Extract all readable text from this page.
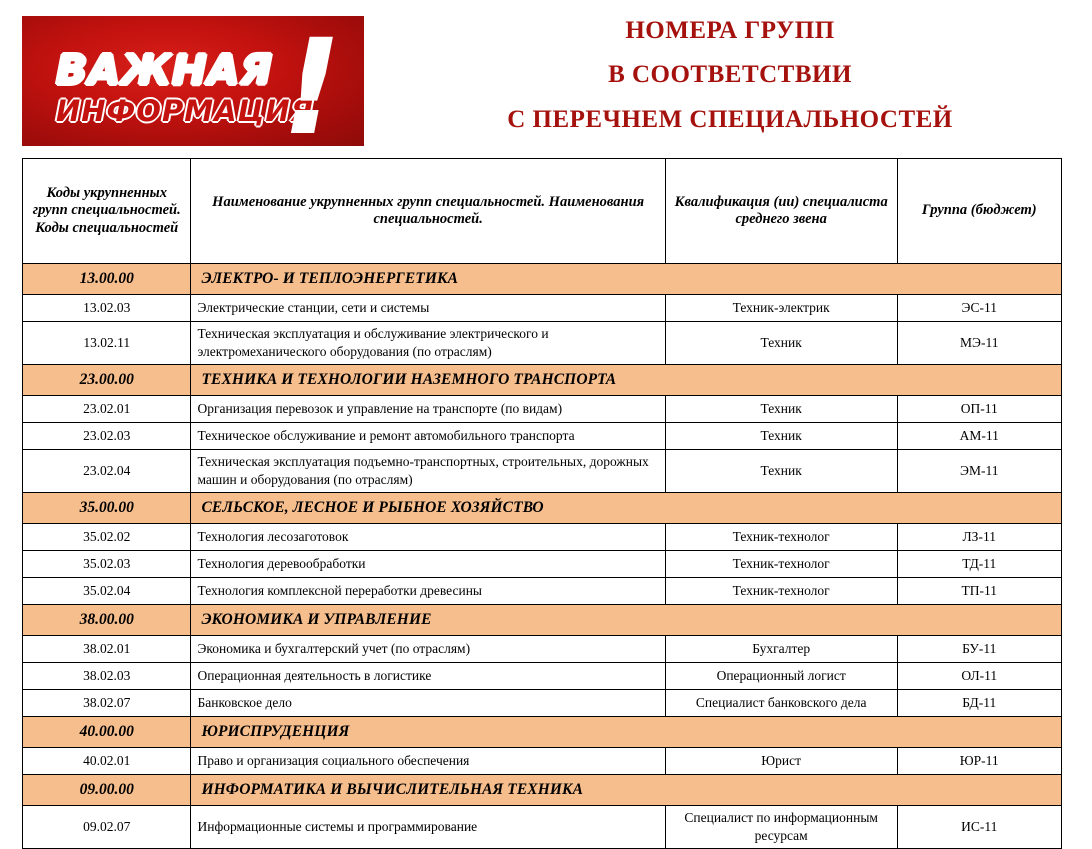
ВАЖНАЯ
ИНФОРМАЦИЯ
!	НОМЕРА ГРУПП
В СООТВЕТСТВИИ
С ПЕРЕЧНЕМ СПЕЦИАЛЬНОСТЕЙ
Коды укрупненных групп специальностей. Коды специальностей	Наименование укрупненных групп специальностей. Наименования специальностей.	Квалификация (ии) специалиста среднего звена	Группа (бюджет)
13.00.00	ЭЛЕКТРО- И ТЕПЛОЭНЕРГЕТИКА		
13.02.03	Электрические станции, сети и системы	Техник-электрик	ЭС-11
13.02.11	Техническая эксплуатация и обслуживание электрического и электромеханического оборудования (по отраслям)	Техник	МЭ-11
23.00.00	ТЕХНИКА И ТЕХНОЛОГИИ НАЗЕМНОГО ТРАНСПОРТА		
23.02.01	Организация перевозок и управление на транспорте (по видам)	Техник	ОП-11
23.02.03	Техническое обслуживание и ремонт автомобильного транспорта	Техник	АМ-11
23.02.04	Техническая эксплуатация подъемно-транспортных, строительных, дорожных машин и оборудования (по отраслям)	Техник	ЭМ-11
35.00.00	СЕЛЬСКОЕ, ЛЕСНОЕ И РЫБНОЕ ХОЗЯЙСТВО		
35.02.02	Технология лесозаготовок	Техник-технолог	ЛЗ-11
35.02.03	Технология деревообработки	Техник-технолог	ТД-11
35.02.04	Технология комплексной переработки древесины	Техник-технолог	ТП-11
38.00.00	ЭКОНОМИКА И УПРАВЛЕНИЕ		
38.02.01	Экономика и бухгалтерский учет (по отраслям)	Бухгалтер	БУ-11
38.02.03	Операционная деятельность в логистике	Операционный логист	ОЛ-11
38.02.07	Банковское дело	Специалист банковского дела	БД-11
40.00.00	ЮРИСПРУДЕНЦИЯ		
40.02.01	Право и организация социального обеспечения	Юрист	ЮР-11
09.00.00	ИНФОРМАТИКА И ВЫЧИСЛИТЕЛЬНАЯ ТЕХНИКА		
09.02.07	Информационные системы и программирование	Специалист по информационным ресурсам	ИС-11
